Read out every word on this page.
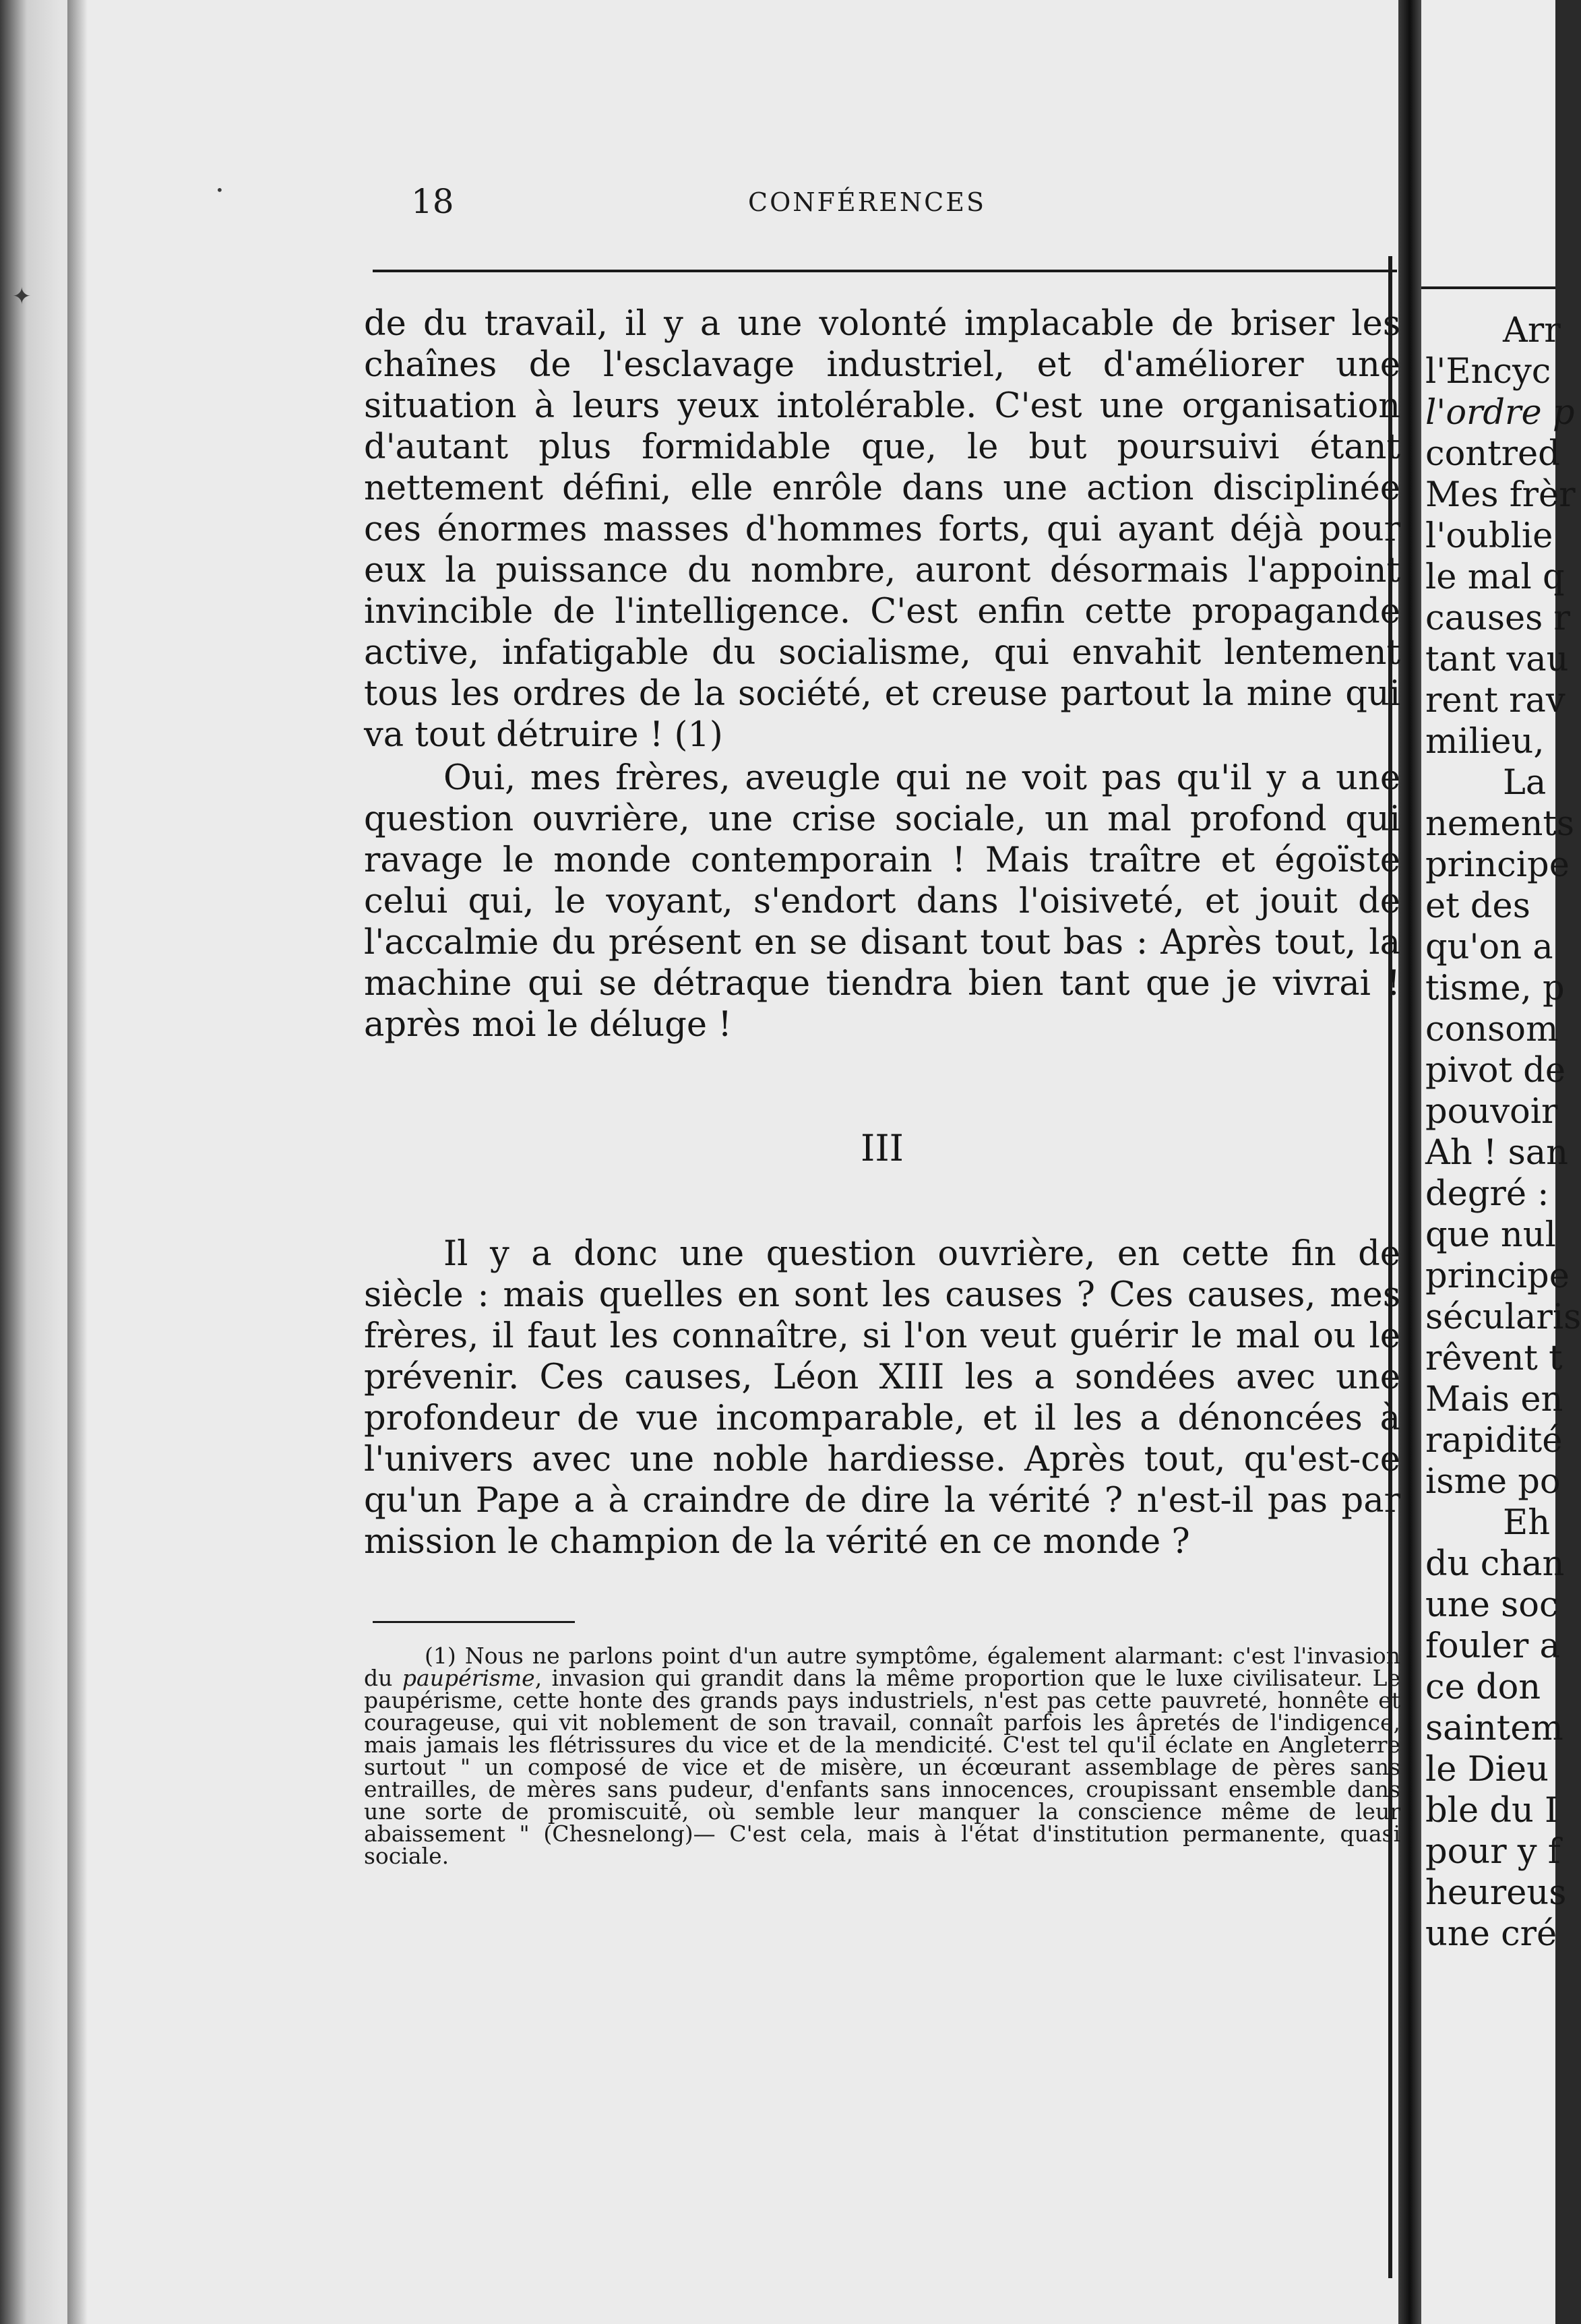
✦
•	18	CONFÉRENCES

de du travail, il y a une volonté implacable de briser les chaînes de l'esclavage industriel, et d'améliorer une situation à leurs yeux intolérable. C'est une organisation d'autant plus formidable que, le but poursuivi étant nettement défini, elle enrôle dans une action disciplinée ces énormes masses d'hommes forts, qui ayant déjà pour eux la puissance du nombre, auront désormais l'appoint invincible de l'intelligence. C'est enfin cette propagande active, infatigable du socialisme, qui envahit lentement tous les ordres de la société, et creuse partout la mine qui va tout détruire ! (1)

Oui, mes frères, aveugle qui ne voit pas qu'il y a une question ouvrière, une crise sociale, un mal profond qui ravage le monde contemporain ! Mais traître et égoïste celui qui, le voyant, s'endort dans l'oisiveté, et jouit de l'accalmie du présent en se disant tout bas : Après tout, la machine qui se détraque tiendra bien tant que je vivrai ! après moi le déluge !

III

Il y a donc une question ouvrière, en cette fin de siècle : mais quelles en sont les causes ? Ces causes, mes frères, il faut les connaître, si l'on veut guérir le mal ou le prévenir. Ces causes, Léon XIII les a sondées avec une profondeur de vue incomparable, et il les a dénoncées à l'univers avec une noble hardiesse. Après tout, qu'est-ce qu'un Pape a à craindre de dire la vérité ? n'est-il pas par mission le champion de la vérité en ce monde ?

(1) Nous ne parlons point d'un autre symptôme, également alarmant: c'est l'invasion du paupérisme, invasion qui grandit dans la même proportion que le luxe civilisateur. Le paupérisme, cette honte des grands pays industriels, n'est pas cette pauvreté, honnête et courageuse, qui vit noblement de son travail, connaît parfois les âpretés de l'indigence, mais jamais les flétrissures du vice et de la mendicité. C'est tel qu'il éclate en Angleterre surtout " un composé de vice et de misère, un écœurant assemblage de pères sans entrailles, de mères sans pudeur, d'enfants sans innocences, croupissant ensemble dans une sorte de promiscuité, où semble leur manquer la conscience même de leur abaissement " (Chesnelong)— C'est cela, mais à l'état d'institution permanente, quasi sociale.
Arr
l'Encyc
l'ordre p
contred
Mes frèr
l'oublie
le mal q
causes r
tant vau
rent rav
milieu,
La
nements
principe
et des
qu'on a
tisme, p
consom
pivot de
pouvoir
Ah ! san
degré :
que nul
principe
sécularis
rêvent t
Mais en
rapidité
isme po
Eh
du chan
une soc
fouler a
ce don
saintem
le Dieu
ble du I
pour y f
heureus
une cré
